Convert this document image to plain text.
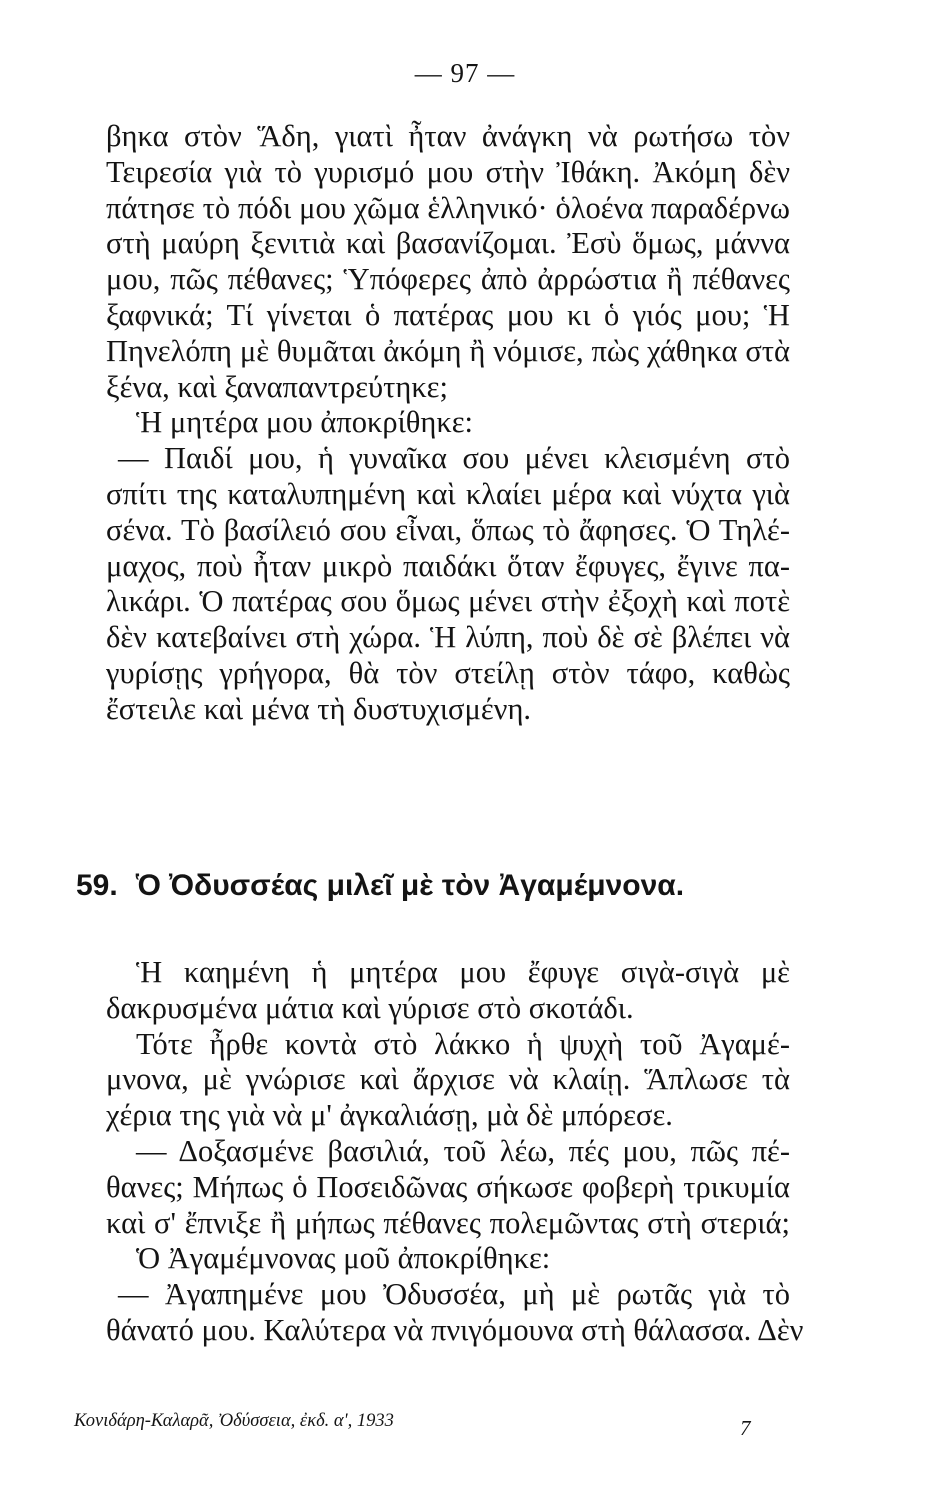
— 97 —
βηκα στὸν Ἅδη, γιατὶ ἦταν ἀνάγκη νὰ ρωτήσω τὸν
Τειρεσία γιὰ τὸ γυρισμό μου στὴν Ἰθάκη. Ἀκόμη δὲν
πάτησε τὸ πόδι μου χῶμα ἑλληνικό· ὁλοένα παραδέρνω
στὴ μαύρη ξενιτιὰ καὶ βασανίζομαι. Ἐσὺ ὅμως, μάννα
μου, πῶς πέθανες; Ὑπόφερες ἀπὸ ἀρρώστια ἢ πέθανες
ξαφνικά; Τί γίνεται ὁ πατέρας μου κι ὁ γιός μου; Ἡ
Πηνελόπη μὲ θυμᾶται ἀκόμη ἢ νόμισε, πὼς χάθηκα στὰ
ξένα, καὶ ξαναπαντρεύτηκε;
Ἡ μητέρα μου ἀποκρίθηκε:
— Παιδί μου, ἡ γυναῖκα σου μένει κλεισμένη στὸ
σπίτι της καταλυπημένη καὶ κλαίει μέρα καὶ νύχτα γιὰ
σένα. Τὸ βασίλειό σου εἶναι, ὅπως τὸ ἄφησες. Ὁ Τηλέ-
μαχος, ποὺ ἦταν μικρὸ παιδάκι ὅταν ἔφυγες, ἔγινε πα-
λικάρι. Ὁ πατέρας σου ὅμως μένει στὴν ἐξοχὴ καὶ ποτὲ
δὲν κατεβαίνει στὴ χώρα. Ἡ λύπη, ποὺ δὲ σὲ βλέπει νὰ
γυρίσῃς γρήγορα, θὰ τὸν στείλῃ στὸν τάφο, καθὼς
ἔστειλε καὶ μένα τὴ δυστυχισμένη.
59. Ὁ Ὀδυσσέας μιλεῖ μὲ τὸν Ἀγαμέμνονα.
Ἡ καημένη ἡ μητέρα μου ἔφυγε σιγὰ-σιγὰ μὲ
δακρυσμένα μάτια καὶ γύρισε στὸ σκοτάδι.
Τότε ἦρθε κοντὰ στὸ λάκκο ἡ ψυχὴ τοῦ Ἀγαμέ-
μνονα, μὲ γνώρισε καὶ ἄρχισε νὰ κλαίῃ. Ἅπλωσε τὰ
χέρια της γιὰ νὰ μ' ἀγκαλιάσῃ, μὰ δὲ μπόρεσε.
— Δοξασμένε βασιλιά, τοῦ λέω, πές μου, πῶς πέ-
θανες; Μήπως ὁ Ποσειδῶνας σήκωσε φοβερὴ τρικυμία
καὶ σ' ἔπνιξε ἢ μήπως πέθανες πολεμῶντας στὴ στεριά;
Ὁ Ἀγαμέμνονας μοῦ ἀποκρίθηκε:
— Ἀγαπημένε μου Ὀδυσσέα, μὴ μὲ ρωτᾶς γιὰ τὸ
θάνατό μου. Καλύτερα νὰ πνιγόμουνα στὴ θάλασσα. Δὲν
Κονιδάρη-Καλαρᾶ, Ὀδύσσεια, ἐκδ. α', 1933	7
